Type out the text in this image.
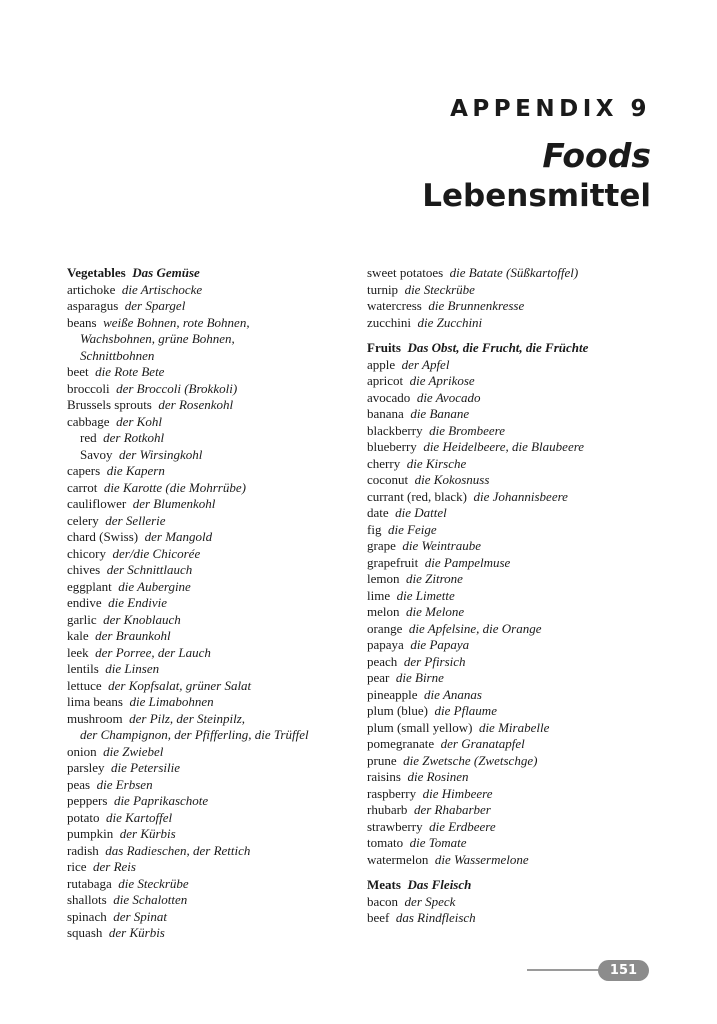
APPENDIX 9
Foods
Lebensmittel
Vegetables Das Gemüse
artichoke die Artischocke
asparagus der Spargel
beans weiße Bohnen, rote Bohnen,
Wachsbohnen, grüne Bohnen,
Schnittbohnen
beet die Rote Bete
broccoli der Broccoli (Brokkoli)
Brussels sprouts der Rosenkohl
cabbage der Kohl
red der Rotkohl
Savoy der Wirsingkohl
capers die Kapern
carrot die Karotte (die Mohrrübe)
cauliflower der Blumenkohl
celery der Sellerie
chard (Swiss) der Mangold
chicory der/die Chicorée
chives der Schnittlauch
eggplant die Aubergine
endive die Endivie
garlic der Knoblauch
kale der Braunkohl
leek der Porree, der Lauch
lentils die Linsen
lettuce der Kopfsalat, grüner Salat
lima beans die Limabohnen
mushroom der Pilz, der Steinpilz,
der Champignon, der Pfifferling, die Trüffel
onion die Zwiebel
parsley die Petersilie
peas die Erbsen
peppers die Paprikaschote
potato die Kartoffel
pumpkin der Kürbis
radish das Radieschen, der Rettich
rice der Reis
rutabaga die Steckrübe
shallots die Schalotten
spinach der Spinat
squash der Kürbis
sweet potatoes die Batate (Süßkartoffel)
turnip die Steckrübe
watercress die Brunnenkresse
zucchini die Zucchini
Fruits Das Obst, die Frucht, die Früchte
apple der Apfel
apricot die Aprikose
avocado die Avocado
banana die Banane
blackberry die Brombeere
blueberry die Heidelbeere, die Blaubeere
cherry die Kirsche
coconut die Kokosnuss
currant (red, black) die Johannisbeere
date die Dattel
fig die Feige
grape die Weintraube
grapefruit die Pampelmuse
lemon die Zitrone
lime die Limette
melon die Melone
orange die Apfelsine, die Orange
papaya die Papaya
peach der Pfirsich
pear die Birne
pineapple die Ananas
plum (blue) die Pflaume
plum (small yellow) die Mirabelle
pomegranate der Granatapfel
prune die Zwetsche (Zwetschge)
raisins die Rosinen
raspberry die Himbeere
rhubarb der Rhabarber
strawberry die Erdbeere
tomato die Tomate
watermelon die Wassermelone
Meats Das Fleisch
bacon der Speck
beef das Rindfleisch
151
